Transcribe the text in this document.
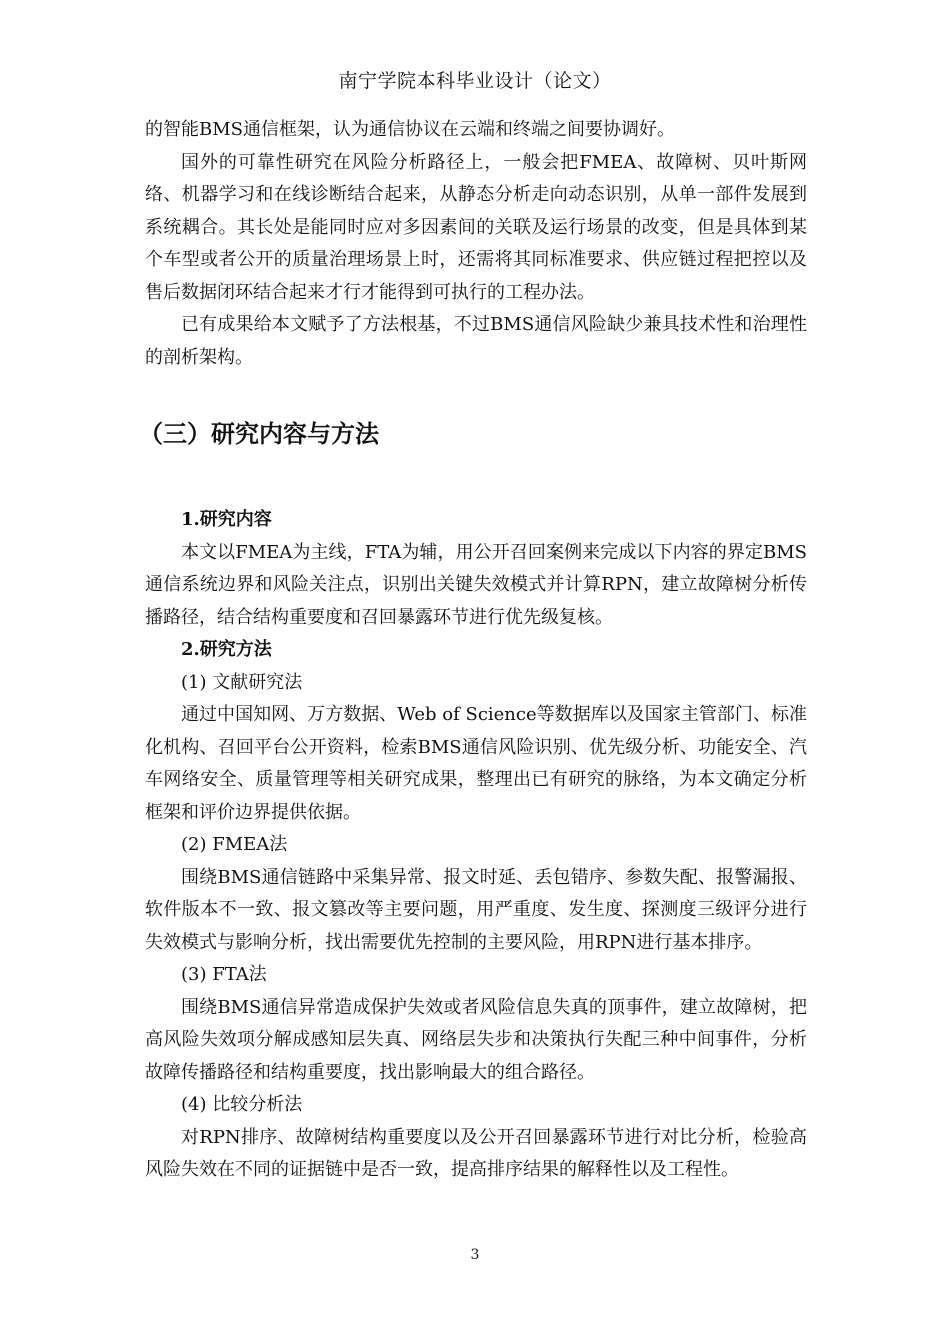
南宁学院本科毕业设计（论文）

的智能BMS通信框架，认为通信协议在云端和终端之间要协调好。

国外的可靠性研究在风险分析路径上，一般会把FMEA、故障树、贝叶斯网络、机器学习和在线诊断结合起来，从静态分析走向动态识别，从单一部件发展到系统耦合。其长处是能同时应对多因素间的关联及运行场景的改变，但是具体到某个车型或者公开的质量治理场景上时，还需将其同标准要求、供应链过程把控以及售后数据闭环结合起来才行才能得到可执行的工程办法。

已有成果给本文赋予了方法根基，不过BMS通信风险缺少兼具技术性和治理性的剖析架构。

（三）研究内容与方法
1.研究内容

本文以FMEA为主线，FTA为辅，用公开召回案例来完成以下内容的界定BMS通信系统边界和风险关注点，识别出关键失效模式并计算RPN，建立故障树分析传播路径，结合结构重要度和召回暴露环节进行优先级复核。

2.研究方法
(1) 文献研究法

通过中国知网、万方数据、Web of Science等数据库以及国家主管部门、标准化机构、召回平台公开资料，检索BMS通信风险识别、优先级分析、功能安全、汽车网络安全、质量管理等相关研究成果，整理出已有研究的脉络，为本文确定分析框架和评价边界提供依据。

(2) FMEA法

围绕BMS通信链路中采集异常、报文时延、丢包错序、参数失配、报警漏报、软件版本不一致、报文篡改等主要问题，用严重度、发生度、探测度三级评分进行失效模式与影响分析，找出需要优先控制的主要风险，用RPN进行基本排序。

(3) FTA法

围绕BMS通信异常造成保护失效或者风险信息失真的顶事件，建立故障树，把高风险失效项分解成感知层失真、网络层失步和决策执行失配三种中间事件，分析故障传播路径和结构重要度，找出影响最大的组合路径。

(4) 比较分析法

对RPN排序、故障树结构重要度以及公开召回暴露环节进行对比分析，检验高风险失效在不同的证据链中是否一致，提高排序结果的解释性以及工程性。

3
